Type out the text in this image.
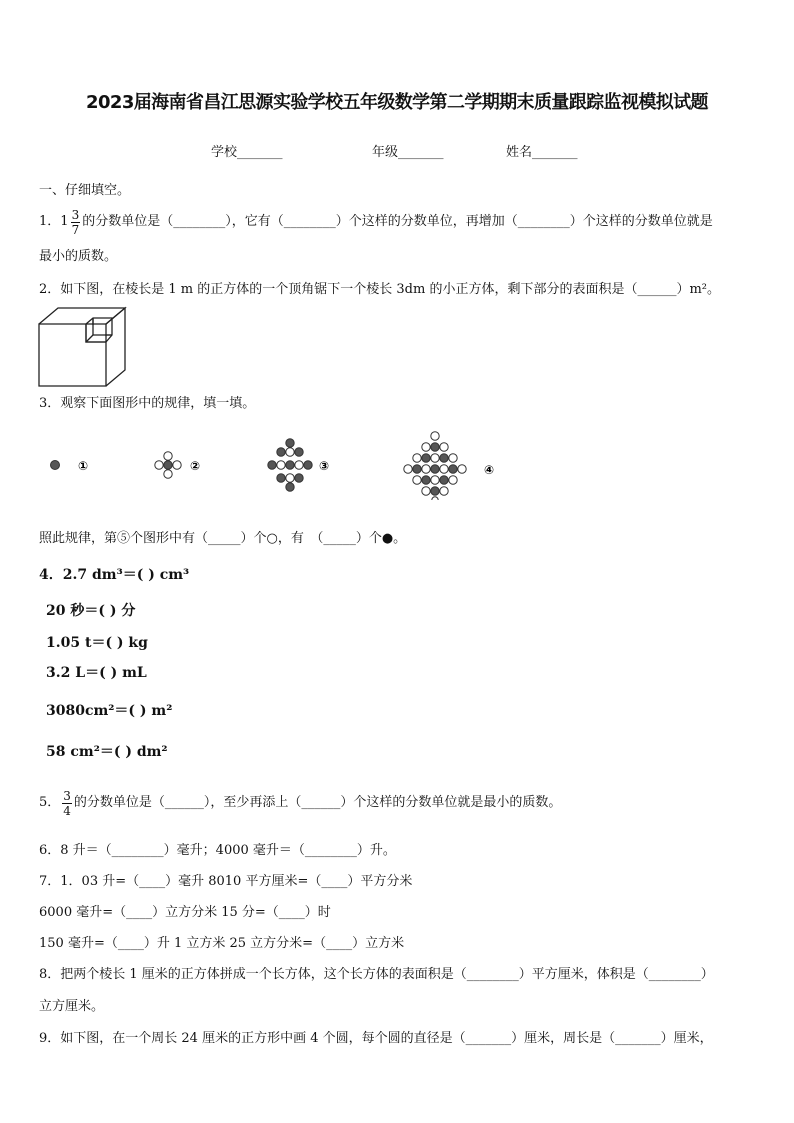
2023届海南省昌江思源实验学校五年级数学第二学期期末质量跟踪监视模拟试题
学校_______	年级_______	姓名_______
一、仔细填空。
1． $1 \frac{3}{7}$ 的分数单位是（________），它有（________）个这样的分数单位，再增加（________）个这样的分数单位就是
最小的质数。
2．如下图，在棱长是 1 m 的正方体的一个顶角锯下一个棱长 3dm 的小正方体，剩下部分的表面积是（______）m²。
3．观察下面图形中的规律，填一填。
①	②	③	④
照此规律，第⑤个图形中有（_____）个○，有　（_____）个●。
4．2.7 dm³＝( ) cm³
20 秒＝( ) 分
1.05 t＝( ) kg
3.2 L＝( ) mL
3080cm²＝( ) m²
58 cm²＝( ) dm²
5． $\frac{3}{4}$ 的分数单位是（______），至少再添上（______）个这样的分数单位就是最小的质数。
6．8 升＝（________）毫升；4000 毫升＝（________）升。
7．1．03 升=（____）毫升 8010 平方厘米=（____）平方分米
6000 毫升=（____）立方分米 15 分=（____）时
150 毫升=（____）升 1 立方米 25 立方分米=（____）立方米
8．把两个棱长 1 厘米的正方体拼成一个长方体，这个长方体的表面积是（________）平方厘米，体积是（________）
立方厘米。
9．如下图，在一个周长 24 厘米的正方形中画 4 个圆，每个圆的直径是（_______）厘米，周长是（_______）厘米，
